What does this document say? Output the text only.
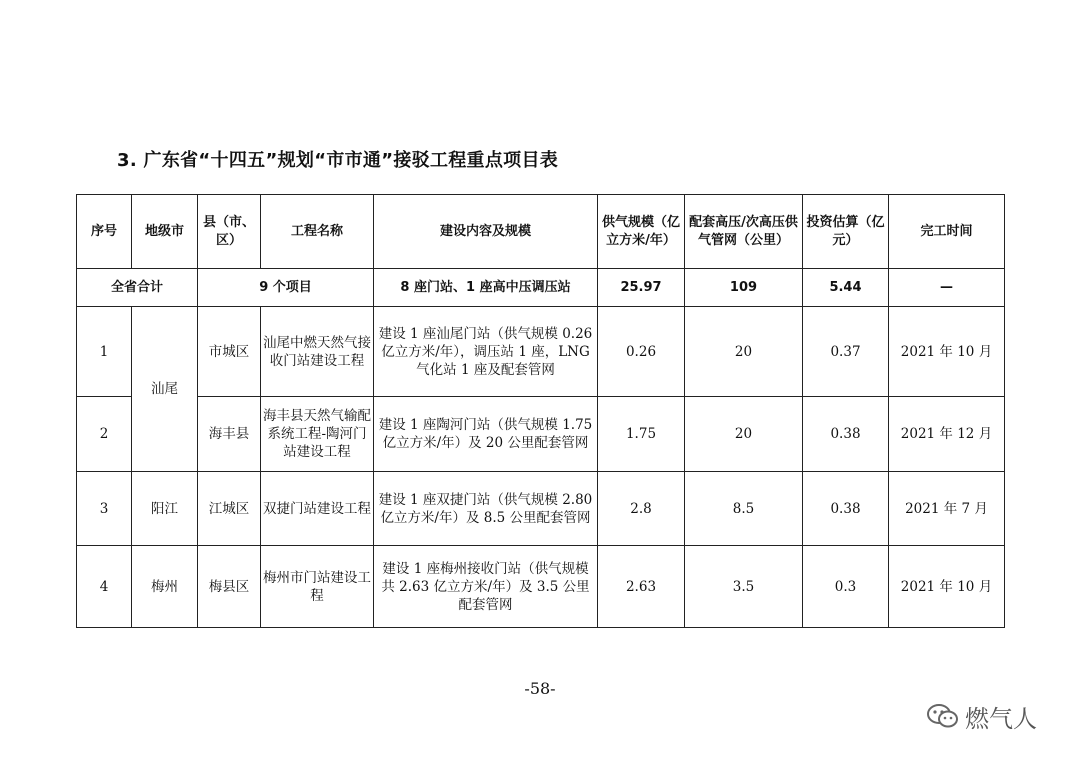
3. 广东省“十四五”规划“市市通”接驳工程重点项目表
序号	地级市	县（市、区）	工程名称	建设内容及规模	供气规模（亿立方米/年）	配套高压/次高压供气管网（公里）	投资估算（亿元）	完工时间
全省合计		9 个项目		8 座门站、1 座高中压调压站	25.97	109	5.44	—
1	汕尾	市城区	汕尾中燃天然气接收门站建设工程	建设 1 座汕尾门站（供气规模 0.26 亿立方米/年），调压站 1 座，LNG 气化站 1 座及配套管网	0.26	20	0.37	2021 年 10 月
2		海丰县	海丰县天然气输配系统工程-陶河门站建设工程	建设 1 座陶河门站（供气规模 1.75 亿立方米/年）及 20 公里配套管网	1.75	20	0.38	2021 年 12 月
3	阳江	江城区	双捷门站建设工程	建设 1 座双捷门站（供气规模 2.80 亿立方米/年）及 8.5 公里配套管网	2.8	8.5	0.38	2021 年 7 月
4	梅州	梅县区	梅州市门站建设工程	建设 1 座梅州接收门站（供气规模共 2.63 亿立方米/年）及 3.5 公里配套管网	2.63	3.5	0.3	2021 年 10 月
-58-
燃气人
